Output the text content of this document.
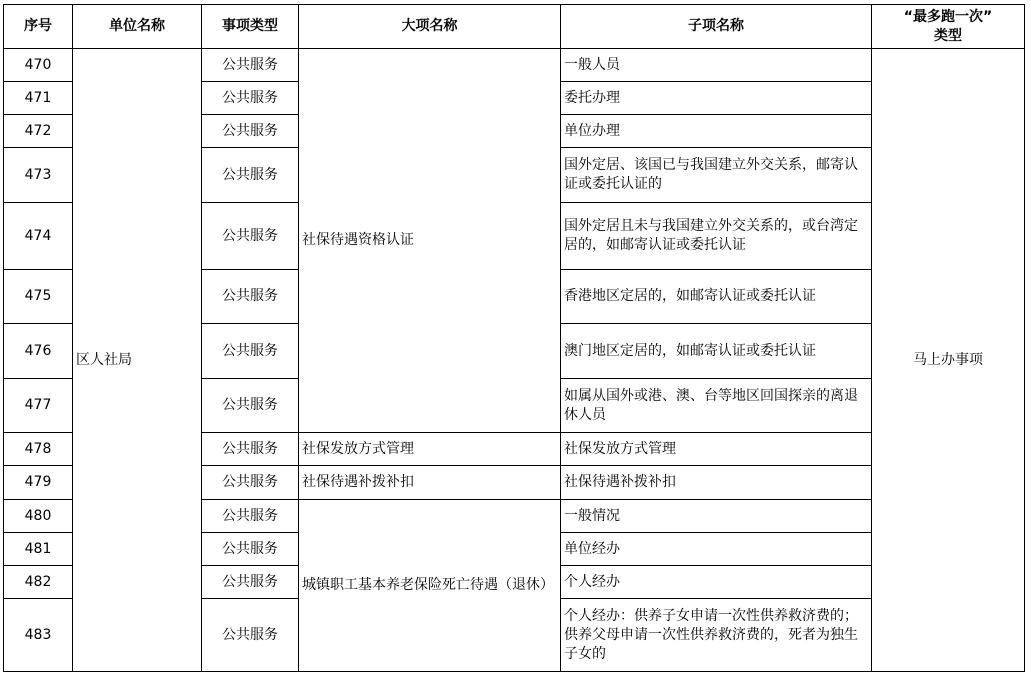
序号	单位名称	事项类型	大项名称	子项名称	“最多跑一次”
类型

470	区人社局	公共服务	社保待遇资格认证	一般人员	马上办事项
471		公共服务		委托办理	
472		公共服务		单位办理	
473		公共服务		国外定居、该国已与我国建立外交关系，邮寄认证或委托认证的	
474		公共服务		国外定居且未与我国建立外交关系的，或台湾定居的，如邮寄认证或委托认证	
475		公共服务		香港地区定居的，如邮寄认证或委托认证	
476		公共服务		澳门地区定居的，如邮寄认证或委托认证	
477		公共服务		如属从国外或港、澳、台等地区回国探亲的离退休人员	
478		公共服务	社保发放方式管理	社保发放方式管理	
479		公共服务	社保待遇补拨补扣	社保待遇补拨补扣	
480		公共服务	城镇职工基本养老保险死亡待遇（退休）	一般情况	
481		公共服务		单位经办	
482		公共服务		个人经办	
483		公共服务		个人经办：供养子女申请一次性供养救济费的；供养父母申请一次性供养救济费的，死者为独生子女的	
